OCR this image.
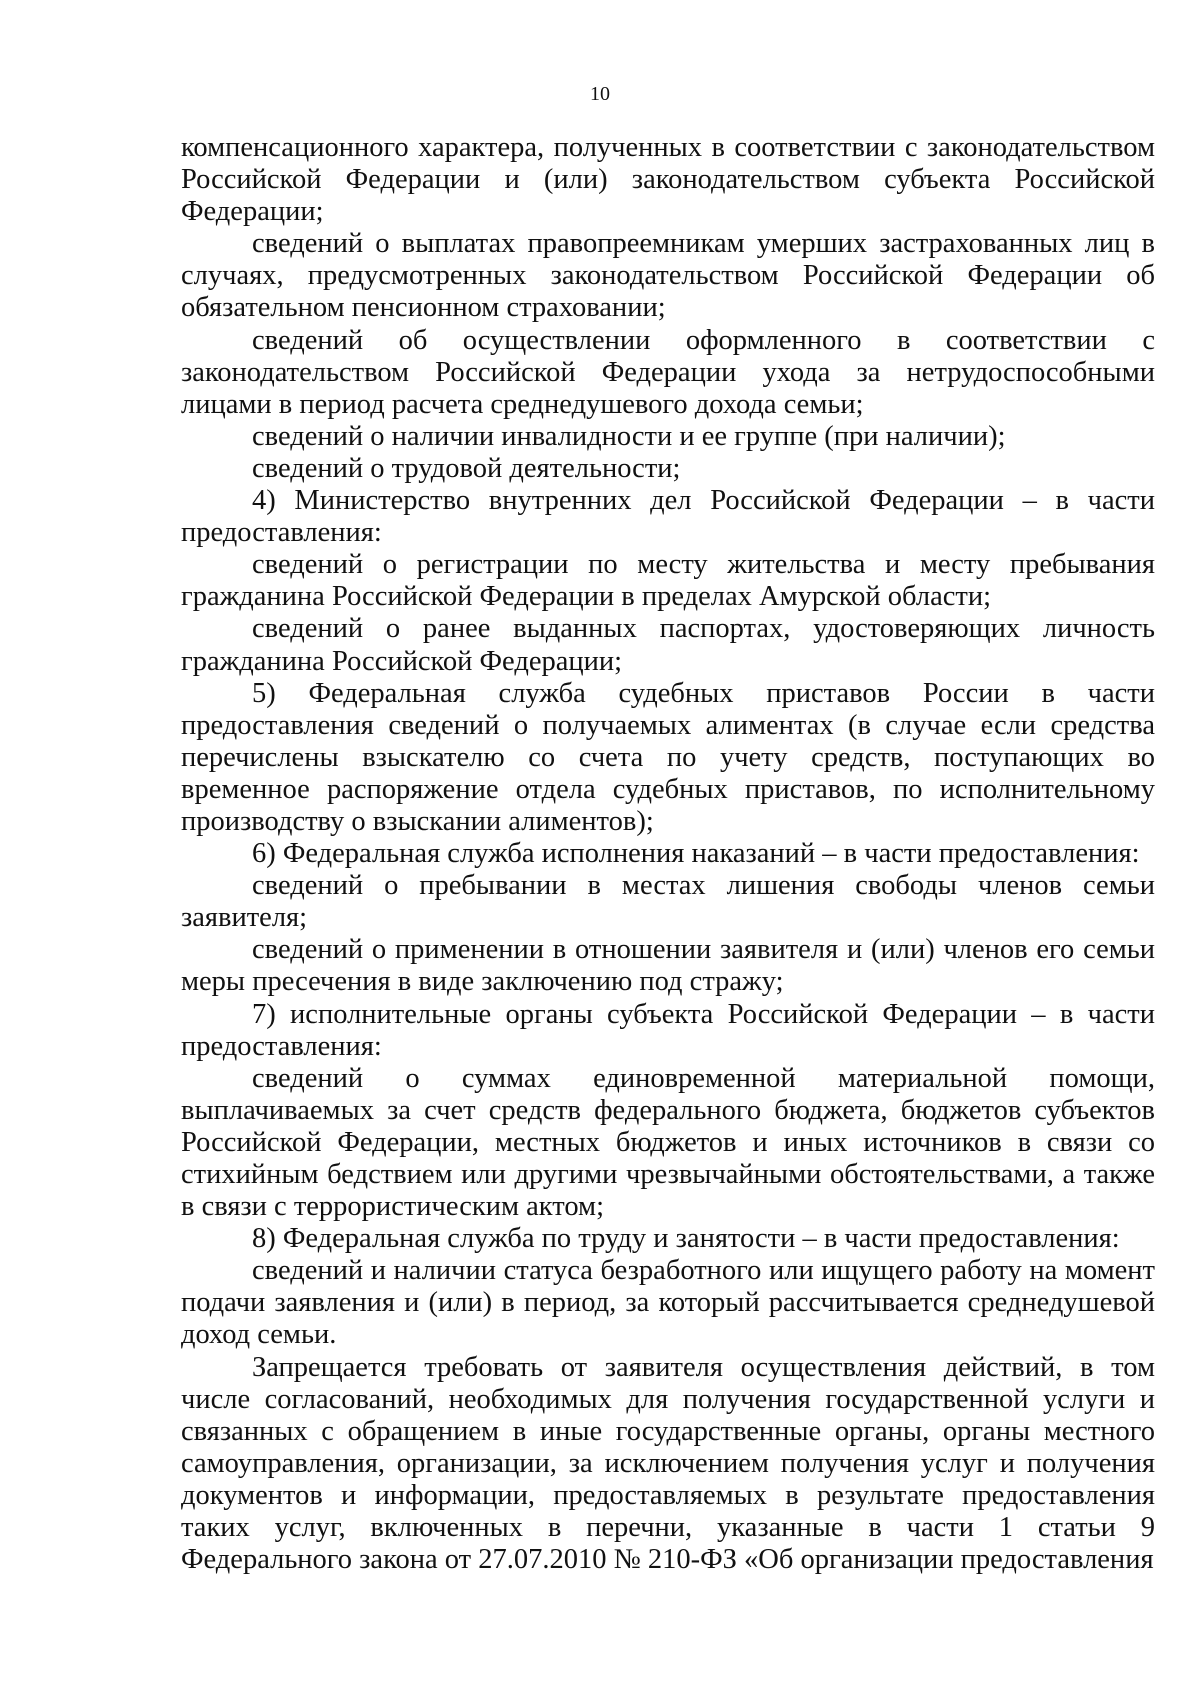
10

компенсационного характера, полученных в соответствии с законодательством Российской Федерации и (или) законодательством субъекта Российской Федерации;

сведений о выплатах правопреемникам умерших застрахованных лиц в случаях, предусмотренных законодательством Российской Федерации об обязательном пенсионном страховании;

сведений об осуществлении оформленного в соответствии с законодательством Российской Федерации ухода за нетрудоспособными лицами в период расчета среднедушевого дохода семьи;

сведений о наличии инвалидности и ее группе (при наличии);

сведений о трудовой деятельности;

4) Министерство внутренних дел Российской Федерации – в части предоставления:

сведений о регистрации по месту жительства и месту пребывания гражданина Российской Федерации в пределах Амурской области;

сведений о ранее выданных паспортах, удостоверяющих личность гражданина Российской Федерации;

5) Федеральная служба судебных приставов России в части предоставления сведений о получаемых алиментах (в случае если средства перечислены взыскателю со счета по учету средств, поступающих во временное распоряжение отдела судебных приставов, по исполнительному производству о взыскании алиментов);

6) Федеральная служба исполнения наказаний – в части предоставления:

сведений о пребывании в местах лишения свободы членов семьи заявителя;

сведений о применении в отношении заявителя и (или) членов его семьи меры пресечения в виде заключению под стражу;

7) исполнительные органы субъекта Российской Федерации – в части предоставления:

сведений о суммах единовременной материальной помощи, выплачиваемых за счет средств федерального бюджета, бюджетов субъектов Российской Федерации, местных бюджетов и иных источников в связи со стихийным бедствием или другими чрезвычайными обстоятельствами, а также в связи с террористическим актом;

8) Федеральная служба по труду и занятости – в части предоставления:

сведений и наличии статуса безработного или ищущего работу на момент подачи заявления и (или) в период, за который рассчитывается среднедушевой доход семьи.

Запрещается требовать от заявителя осуществления действий, в том числе согласований, необходимых для получения государственной услуги и связанных с обращением в иные государственные органы, органы местного самоуправления, организации, за исключением получения услуг и получения документов и информации, предоставляемых в результате предоставления таких услуг, включенных в перечни, указанные в части 1 статьи 9 Федерального закона от 27.07.2010 № 210-ФЗ «Об организации предоставления
